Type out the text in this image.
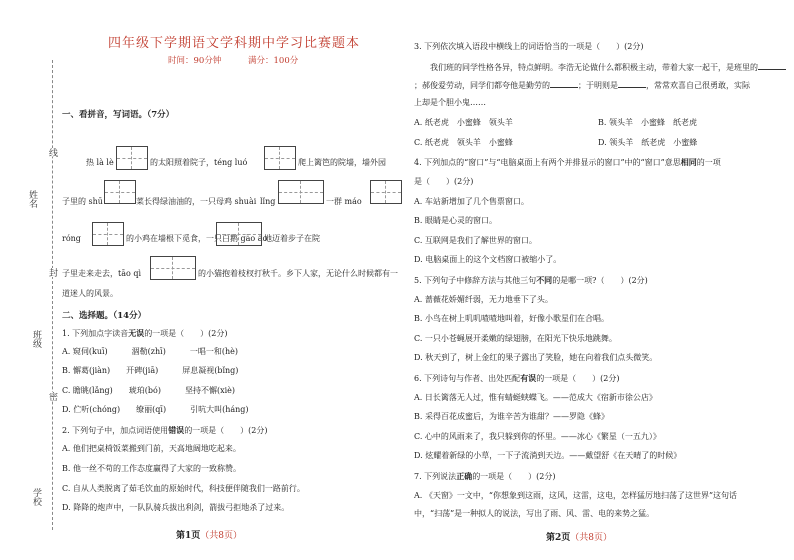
姓名
线
封
班级
密
学校
四年级下学期语文学科期中学习比赛题本
时间：90分钟	满分：100分
一、看拼音，写词语。（7分）
热 là lè	的太阳照着院子，téng luó	爬上篱笆的院墙，墙外园
子里的 shū	菜长得绿油油的，一只母鸡 shuài lǐng	一群 máo
róng	的小鸡在墙根下觅食，一只白鹅 gāo ào
地迈着步子在院
子里走来走去，tāo qì	的小猫抱着枝杈打秋千。乡下人家，无论什么时候都有一
道迷人的风景。
二、选择题。（14分）
1. 下列加点字读音无误的一项是（　　）(2分)
A. 窥伺(kuī)　　　涸勒(zhī)　　　一唱一和(hè)
B. 懈葛(jiàn)　　开碑(jiā)　　　屏息凝视(bǐng)
C. 瞻眺(lǎng)　　琥珀(bó)　　　坚持不懈(xiè)
D. 伫听(chóng)　　缭丽(qī)　　　引吭大叫(háng)
2. 下列句子中，加点词语使用错误的一项是（　　）(2分)
A. 他们把桌椅饭菜搬到门前，天高地阔地吃起来。
B. 他一丝不苟的工作态度赢得了大家的一致称赞。
C. 自从人类脱离了茹毛饮血的原始时代，科技便伴随我们一路前行。
D. 降降的炮声中，一队队骑兵拔出利剑，箭拔弓拒地杀了过来。
第1页（共8页）
3. 下列依次填入语段中横线上的词语恰当的一项是（　　）(2分)
我们班的同学性格各异，特点鲜明。李浩无论做什么都积极主动，带着大家一起干，是班里的
；郝俊爱劳动，同学们都夸他是勤劳的	；于明则是	，常常欢喜自己很勇敢，实际
上却是个胆小鬼……
A. 纸老虎　小蜜蜂　领头羊	B. 领头羊　小蜜蜂　纸老虎
C. 纸老虎　领头羊　小蜜蜂	D. 领头羊　纸老虎　小蜜蜂
4. 下列加点的“窗口”与“电脑桌面上有两个并排显示的窗口”中的“窗口”意思相同的一项
是（　　）(2分)
A. 车站新增加了几个售票窗口。
B. 眼睛是心灵的窗口。
C. 互联网是我们了解世界的窗口。
D. 电脑桌面上的这个文档窗口被缩小了。
5. 下列句子中修辞方法与其他三句不同的是哪一项?（　　）(2分)
A. 蔷薇花娇媚纤弱，无力地垂下了头。
B. 小鸟在树上叽叽喳喳地叫着，好像小歌星们在合唱。
C. 一只小苍蝇展开柔嫩的绿翅膀，在阳光下快乐地跳舞。
D. 秋天到了，树上金红的果子露出了笑脸，她在向着我们点头微笑。
6. 下列诗句与作者、出处匹配有误的一项是（　　）(2分)
A. 日长篱落无人过，惟有蜻蜓蛱蝶飞。——范成大《宿新市徐公店》
B. 采得百花成蜜后，为谁辛苦为谁甜？——罗隐《蜂》
C. 心中的风雨来了，我只躲到你的怀里。——冰心《繁星（一五九）》
D. 炫耀着新绿的小草，一下子流淌到天边。——戴望舒《在天晴了的时候》
7. 下列说法正确的一项是（　　）(2分)
A. 《天窗》一文中，“你想象到这雨，这风，这雷，这电，怎样猛厉地扫荡了这世界”这句话
中，“扫荡”是一种拟人的说法，写出了雨、风、雷、电的来势之猛。
第2页（共8页）
